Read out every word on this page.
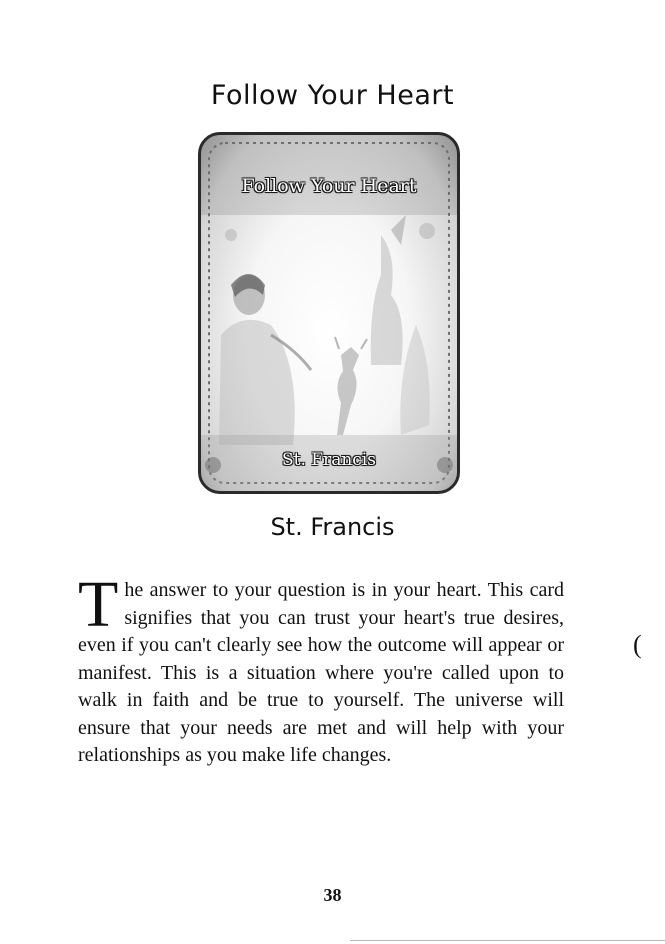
Follow Your Heart
Follow Your Heart
St. Francis
St. Francis
The answer to your question is in your heart. This card signifies that you can trust your heart's true desires, even if you can't clearly see how the outcome will appear or manifest. This is a situation where you're called upon to walk in faith and be true to yourself. The universe will ensure that your needs are met and will help with your relationships as you make life changes.
(
38
